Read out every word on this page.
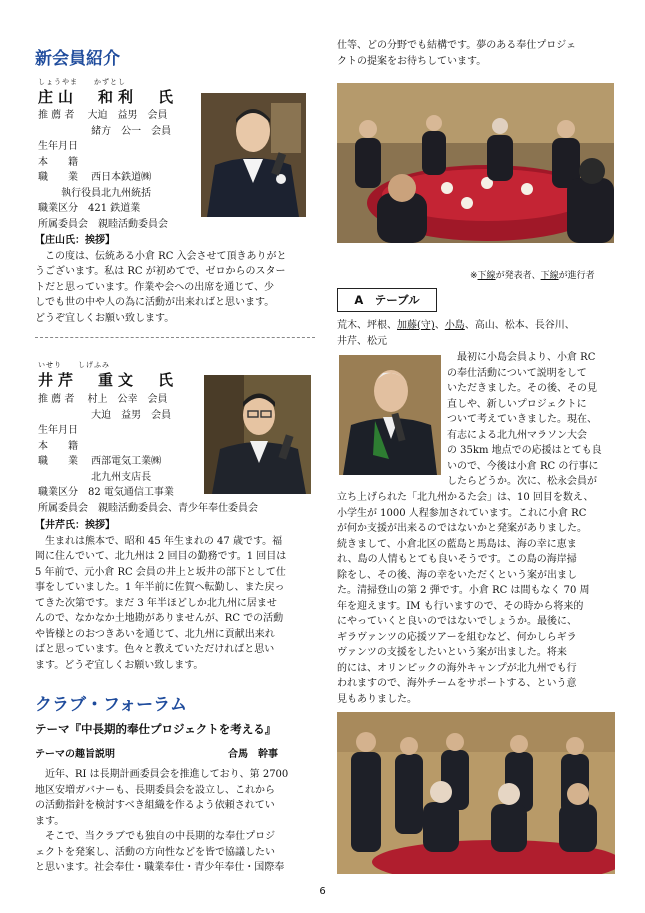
新会員紹介
しょうやま　　かずとし
庄山　和利　氏

推 薦 者　 大迫　益男　会員

　　　　　 緒方　公一　会員

生年月日

本　　籍

職　　業　 西日本鉄道㈱

　　 執行役員北九州統括

職業区分　421 鉄道業

所属委員会　親睦活動委員会

【庄山氏：挨拶】

　この度は、伝統ある小倉 RC 入会させて頂きありがと

うございます。私は RC が初めてで、ゼロからのスター

トだと思っています。作業や会への出席を通じて、少

しでも世の中や人の為に活動が出来ればと思います。

どうぞ宜しくお願い致します。

いせり　　しげふみ
井芹　重文　氏

推 薦 者　 村上　公幸　会員

　　　　　 大迫　益男　会員

生年月日

本　　籍

職　　業　 西部電気工業㈱

　　　　　 北九州支店長

職業区分　82 電気通信工事業

所属委員会　親睦活動委員会、青少年奉仕委員会

【井芹氏：挨拶】

　生まれは熊本で、昭和 45 年生まれの 47 歳です。福

岡に住んでいて、北九州は 2 回目の勤務です。1 回目は

5 年前で、元小倉 RC 会員の井上と坂井の部下として仕

事をしていました。1 年半前に佐賀へ転勤し、また戻っ

てきた次第です。まだ 3 年半ほどしか北九州に居ませ

んので、なかなか土地勘がありませんが、RC での活動

や皆様とのおつきあいを通じて、北九州に貢献出来れ

ばと思っています。色々と教えていただければと思い

ます。どうぞ宜しくお願い致します。

クラブ・フォーラム
テーマ『中長期的奉仕プロジェクトを考える』
テーマの趣旨説明	合馬　幹事

　近年、RI は長期計画委員会を推進しており、第 2700

地区安増ガバナーも、長期委員会を設立し、これから

の活動指針を検討すべき組織を作るよう依頼されてい

ます。

　そこで、当クラブでも独自の中長期的な奉仕プロジ

ェクトを発案し、活動の方向性などを皆で協議したい

と思います。社会奉仕・職業奉仕・青少年奉仕・国際奉

仕等、どの分野でも結構です。夢のある奉仕プロジェ

クトの提案をお待ちしています。

※下線が発表者、下線が進行者
A　テーブル

荒木、坪根、加藤(守)、小島、高山、松本、長谷川、

井芹、松元

　最初に小島会員より、小倉 RC

の奉仕活動について説明をして

いただきました。その後、その見

直しや、新しいプロジェクトに

ついて考えていきました。現在、

有志による北九州マラソン大会

の 35km 地点での応援はとても良

いので、今後は小倉 RC の行事に

したらどうか。次に、松永会員が

立ち上げられた「北九州かるた会」は、10 回目を数え、

小学生が 1000 人程参加されています。これに小倉 RC

が何か支援が出来るのではないかと発案がありました。

続きまして、小倉北区の藍島と馬島は、海の幸に恵ま

れ、島の人情もとても良いそうです。この島の海岸掃

除をし、その後、海の幸をいただくという案が出まし

た。清掃登山の第 2 弾です。小倉 RC は間もなく 70 周

年を迎えます。IM も行いますので、その時から将来的

にやっていくと良いのではないでしょうか。最後に、

ギラヴァンツの応援ツアーを組むなど、何かしらギラ

ヴァンツの支援をしたいという案が出ました。将来

的には、オリンピックの海外キャンプが北九州でも行

われますので、海外チームをサポートする、という意

見もありました。

6
